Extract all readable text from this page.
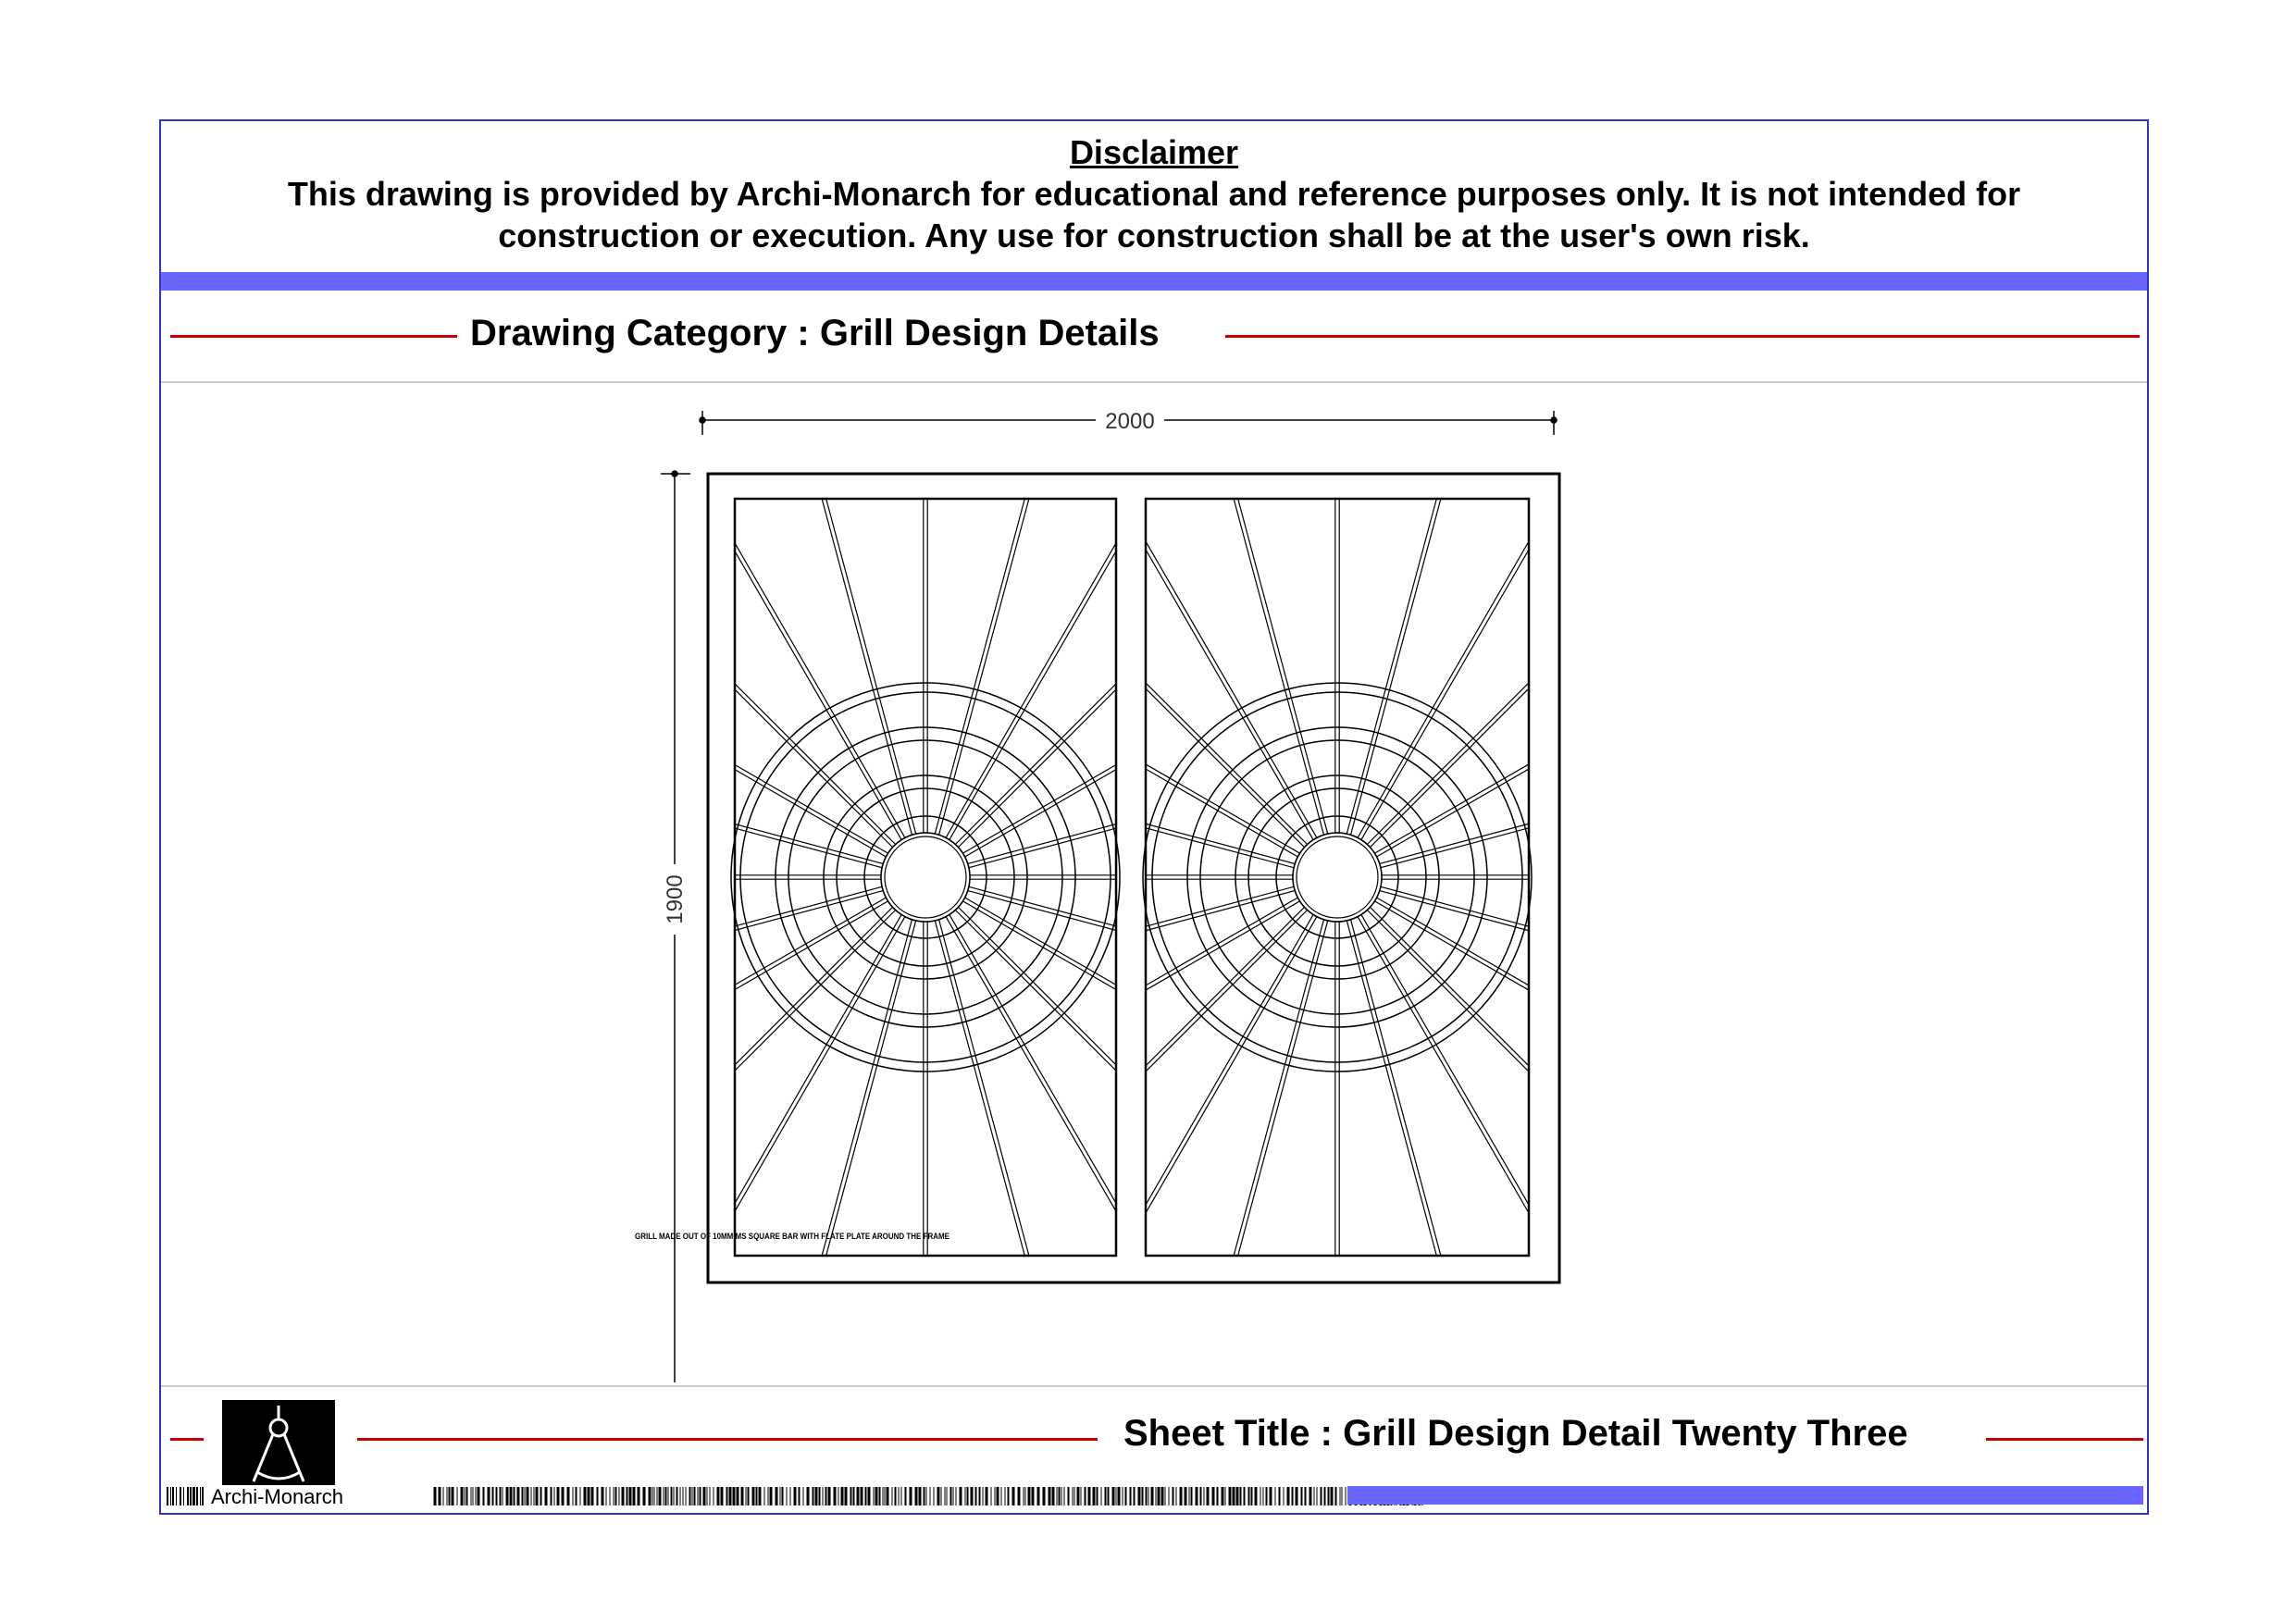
Disclaimer
This drawing is provided by Archi-Monarch for educational and reference purposes only. It is not intended for construction or execution. Any use for construction shall be at the user's own risk.
Drawing Category : Grill Design Details
2000
1900
GRILL MADE OUT OF 10MM MS SQUARE BAR WITH FLATE PLATE AROUND THE FRAME
Sheet Title : Grill Design Detail Twenty Three
Archi-Monarch
